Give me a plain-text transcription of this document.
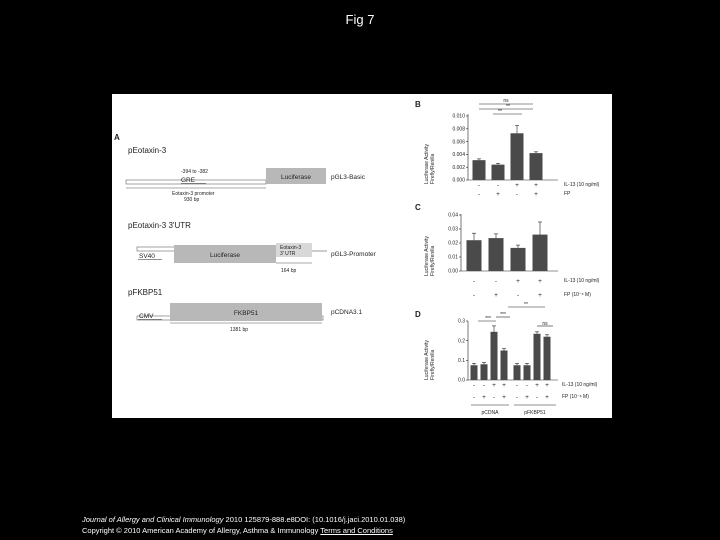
Fig 7
A
pEotaxin-3
-394 to -382
GRE	Luciferase	pGL3-Basic
Eotaxin-3 promoter
930 bp
pEotaxin-3 3'UTR
SV40	Luciferase
Eotaxin-3
3' UTR	pGL3-Promoter
164 bp
pFKBP51
CMV	FKBP51	pCDNA3.1
1381 bp
B
Luciferase Activity Firefly/Renilla	0.000
0.002
0.004
0.006
0.008
0.010
ns
**
**
IL-13 (10 ng/ml)
FP
-
-
-
+
+
-
+
+
C
Luciferase Activity Firefly/Renilla 0.00
0.01
0.02
0.03
0.04
IL-13 (10 ng/ml)
FP (10⁻⁸ M)
-
-
-
+
+
-
+
+
D
Luciferase Activity Firefly/Renilla
0.0
0.1
0.2
0.3
**
***
***
ns
IL-13 (10 ng/ml)
FP (10⁻⁸ M)
-
-
-
+
+
-
+
+
-
-
-
+
+
-
+
+
pCDNA	pFKBP51
Journal of Allergy and Clinical Immunology 2010 125879-888.e8DOI: (10.1016/j.jaci.2010.01.038)
Copyright © 2010 American Academy of Allergy, Asthma & Immunology Terms and Conditions
